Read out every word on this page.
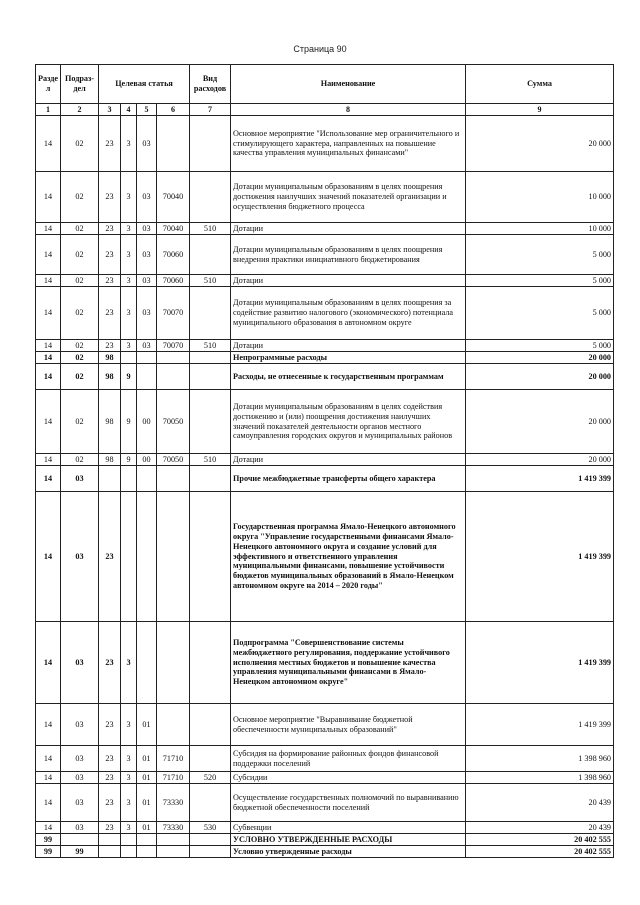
Страница 90
Разде л	Подраз-дел	Целевая статья				Вид расходов	Наименование	Сумма
1	2	3	4	5	6	7	8	9
14	02	23	3	03			Основное мероприятие "Использование мер ограничительного и стимулирующего характера, направленных на повышение качества управления муниципальных финансами"	20 000
14	02	23	3	03	70040		Дотации муниципальным образованиям в целях поощрения достижения наилучших значений показателей организации и осуществления бюджетного процесса	10 000
14	02	23	3	03	70040	510	Дотации	10 000
14	02	23	3	03	70060		Дотации муниципальным образованиям в целях поощрения внедрения практики инициативного бюджетирования	5 000
14	02	23	3	03	70060	510	Дотации	5 000
14	02	23	3	03	70070		Дотации муниципальным образованиям в целях поощрения за содействие развитию налогового (экономического) потенциала муниципального образования в автономном округе	5 000
14	02	23	3	03	70070	510	Дотации	5 000
14	02	98					Непрограммные расходы	20 000
14	02	98	9				Расходы, не отнесенные к государственным программам	20 000
14	02	98	9	00	70050		Дотации муниципальным образованиям в целях содействия достижению и (или) поощрения достижения наилучших значений показателей деятельности органов местного самоуправления городских округов и муниципальных районов	20 000
14	02	98	9	00	70050	510	Дотации	20 000
14	03						Прочие межбюджетные трансферты общего характера	1 419 399
14	03	23					Государственная программа Ямало-Ненецкого автономного округа "Управление государственными финансами Ямало-Ненецкого автономного округа и создание условий для эффективного и ответственного управления муниципальными финансами, повышение устойчивости бюджетов муниципальных образований в Ямало-Ненецком автономном округе на 2014 – 2020 годы"	1 419 399
14	03	23	3				Подпрограмма "Совершенствование системы межбюджетного регулирования, поддержание устойчивого исполнения местных бюджетов и повышение качества управления муниципальными финансами в Ямало-Ненецком автономном округе"	1 419 399
14	03	23	3	01			Основное мероприятие "Выравнивание бюджетной обеспеченности муниципальных образований"	1 419 399
14	03	23	3	01	71710		Субсидия на формирование районных фондов финансовой поддержки поселений	1 398 960
14	03	23	3	01	71710	520	Субсидии	1 398 960
14	03	23	3	01	73330		Осуществление государственных полномочий по выравниванию бюджетной обеспеченности поселений	20 439
14	03	23	3	01	73330	530	Субвенции	20 439
99							УСЛОВНО УТВЕРЖДЕННЫЕ РАСХОДЫ	20 402 555
99	99						Условно утвержденные расходы	20 402 555
